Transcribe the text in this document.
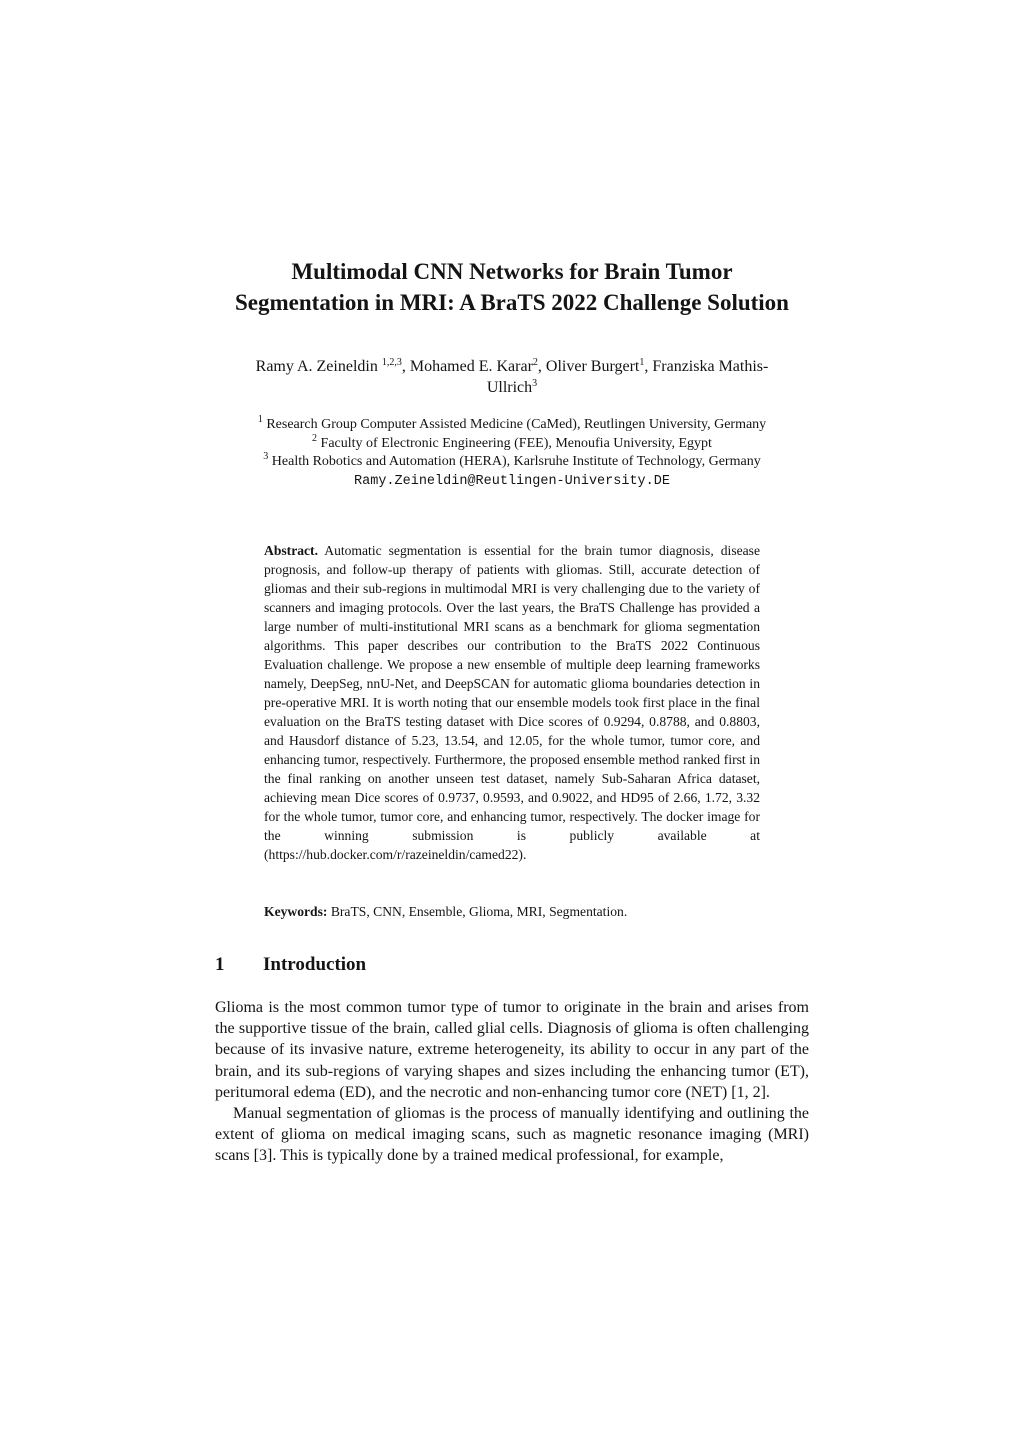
Multimodal CNN Networks for Brain Tumor
Segmentation in MRI: A BraTS 2022 Challenge Solution
Ramy A. Zeineldin $^{1,2,3}$, Mohamed E. Karar$^2$, Oliver Burgert$^1$, Franziska Mathis-
Ullrich$^3$
$^1$ Research Group Computer Assisted Medicine (CaMed), Reutlingen University, Germany
$^2$ Faculty of Electronic Engineering (FEE), Menoufia University, Egypt
$^3$ Health Robotics and Automation (HERA), Karlsruhe Institute of Technology, Germany
Ramy.Zeineldin@Reutlingen-University.DE
Abstract. Automatic segmentation is essential for the brain tumor diagnosis, disease prognosis, and follow-up therapy of patients with gliomas. Still, accurate detection of gliomas and their sub-regions in multimodal MRI is very challenging due to the variety of scanners and imaging protocols. Over the last years, the BraTS Challenge has provided a large number of multi-institutional MRI scans as a benchmark for glioma segmentation algorithms. This paper describes our contribution to the BraTS 2022 Continuous Evaluation challenge. We propose a new ensemble of multiple deep learning frameworks namely, DeepSeg, nnU-Net, and DeepSCAN for automatic glioma boundaries detection in pre-operative MRI. It is worth noting that our ensemble models took first place in the final evaluation on the BraTS testing dataset with Dice scores of 0.9294, 0.8788, and 0.8803, and Hausdorf distance of 5.23, 13.54, and 12.05, for the whole tumor, tumor core, and enhancing tumor, respectively. Furthermore, the proposed ensemble method ranked first in the final ranking on another unseen test dataset, namely Sub-Saharan Africa dataset, achieving mean Dice scores of 0.9737, 0.9593, and 0.9022, and HD95 of 2.66, 1.72, 3.32 for the whole tumor, tumor core, and enhancing tumor, respectively. The docker image for the winning submission is publicly available at (https://hub.docker.com/r/razeineldin/camed22).
Keywords: BraTS, CNN, Ensemble, Glioma, MRI, Segmentation.
1 Introduction

Glioma is the most common tumor type of tumor to originate in the brain and arises from the supportive tissue of the brain, called glial cells. Diagnosis of glioma is often challenging because of its invasive nature, extreme heterogeneity, its ability to occur in any part of the brain, and its sub-regions of varying shapes and sizes including the enhancing tumor (ET), peritumoral edema (ED), and the necrotic and non-enhancing tumor core (NET) [1, 2].

Manual segmentation of gliomas is the process of manually identifying and outlining the extent of glioma on medical imaging scans, such as magnetic resonance imaging (MRI) scans [3]. This is typically done by a trained medical professional, for example,
